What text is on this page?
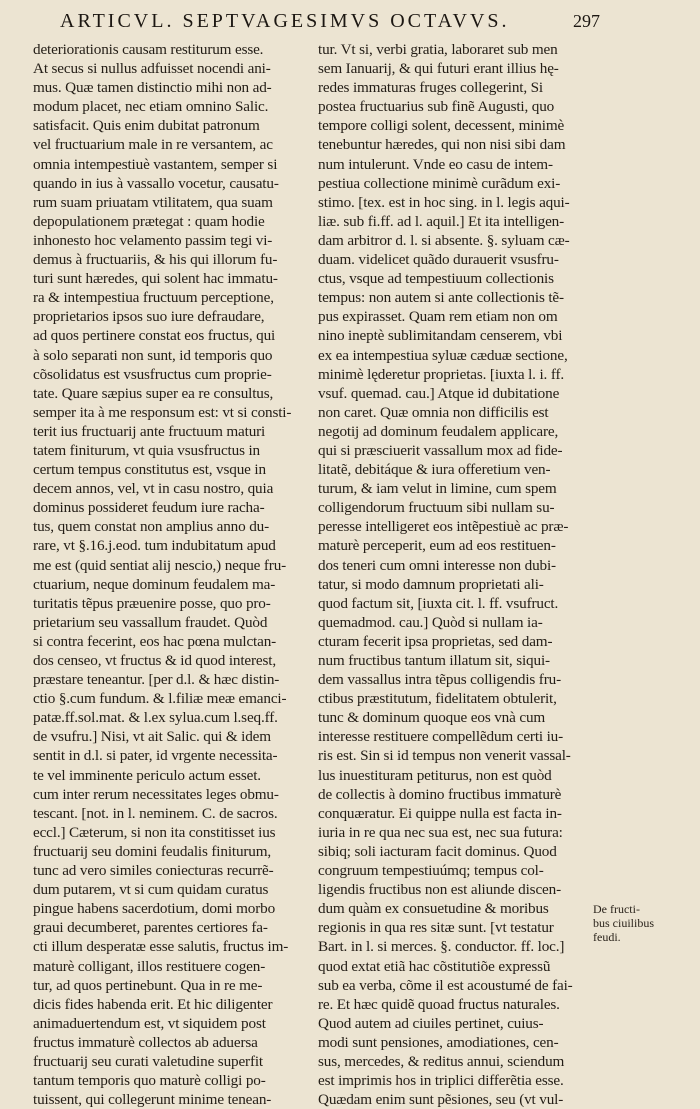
ARTICVL. SEPTVAGESIMVS OCTAVVS.	297

deteriorationis causam restiturum esse.

At secus si nullus adfuisset nocendi ani-

mus. Quæ tamen distinctio mihi non ad-

modum placet, nec etiam omnino Salic.

satisfacit. Quis enim dubitat patronum

vel fructuarium male in re versantem, ac

omnia intempestiuè vastantem, semper si

quando in ius à vassallo vocetur, causatu-

rum suam priuatam vtilitatem, qua suam

depopulationem prætegat : quam hodie

inhonesto hoc velamento passim tegi vi-

demus à fructuariis, & his qui illorum fu-

turi sunt hæredes, qui solent hac immatu-

ra & intempestiua fructuum perceptione,

proprietarios ipsos suo iure defraudare,

ad quos pertinere constat eos fructus, qui

à solo separati non sunt, id temporis quo

cõsolidatus est vsusfructus cum proprie-

tate. Quare sæpius super ea re consultus,

semper ita à me responsum est: vt si consti-

terit ius fructuarij ante fructuum maturi

tatem finiturum, vt quia vsusfructus in

certum tempus constitutus est, vsque in

decem annos, vel, vt in casu nostro, quia

dominus possideret feudum iure racha-

tus, quem constat non amplius anno du-

rare, vt §.16.j.eod. tum indubitatum apud

me est (quid sentiat alij nescio,) neque fru-

ctuarium, neque dominum feudalem ma-

turitatis tẽpus præuenire posse, quo pro-

prietarium seu vassallum fraudet. Quòd

si contra fecerint, eos hac pœna mulctan-

dos censeo, vt fructus & id quod interest,

præstare teneantur. [per d.l. & hæc distin-

ctio §.cum fundum. & l.filiæ meæ emanci-

patæ.ff.sol.mat. & l.ex sylua.cum l.seq.ff.

de vsufru.] Nisi, vt ait Salic. qui & idem

sentit in d.l. si pater, id vrgente necessita-

te vel imminente periculo actum esset.

cum inter rerum necessitates leges obmu-

tescant. [not. in l. neminem. C. de sacros.

eccl.] Cæterum, si non ita constitisset ius

fructuarij seu domini feudalis finiturum,

tunc ad vero similes coniecturas recurrẽ-

dum putarem, vt si cum quidam curatus

pingue habens sacerdotium, domi morbo

graui decumberet, parentes certiores fa-

cti illum desperatæ esse salutis, fructus im-

maturè colligant, illos restituere cogen-

tur, ad quos pertinebunt. Qua in re me-

dicis fides habenda erit. Et hic diligenter

animaduertendum est, vt siquidem post

fructus immaturè collectos ab aduersa

fructuarij seu curati valetudine superfit

tantum temporis quo maturè colligi po-

tuissent, qui collegerunt minime tenean-

tur. Vt si, verbi gratia, laboraret sub men

sem Ianuarij, & qui futuri erant illius hę-

redes immaturas fruges collegerint, Si

postea fructuarius sub finẽ Augusti, quo

tempore colligi solent, decessent, minimè

tenebuntur hæredes, qui non nisi sibi dam

num intulerunt. Vnde eo casu de intem-

pestiua collectione minimè curãdum exi-

stimo. [tex. est in hoc sing. in l. legis aqui-

liæ. sub fi.ff. ad l. aquil.] Et ita intelligen-

dam arbitror d. l. si absente. §. syluam cæ-

duam. videlicet quãdo durauerit vsusfru-

ctus, vsque ad tempestiuum collectionis

tempus: non autem si ante collectionis tẽ-

pus expirasset. Quam rem etiam non om

nino ineptè sublimitandam censerem, vbi

ex ea intempestiua syluæ cæduæ sectione,

minimè lęderetur proprietas. [iuxta l. i. ff.

vsuf. quemad. cau.] Atque id dubitatione

non caret. Quæ omnia non difficilis est

negotij ad dominum feudalem applicare,

qui si præsciuerit vassallum mox ad fide-

litatẽ, debitáque & iura offeretium ven-

turum, & iam velut in limine, cum spem

colligendorum fructuum sibi nullam su-

peresse intelligeret eos intẽpestiuè ac præ-

maturè perceperit, eum ad eos restituen-

dos teneri cum omni interesse non dubi-

tatur, si modo damnum proprietati ali-

quod factum sit, [iuxta cit. l. ff. vsufruct.

quemadmod. cau.] Quòd si nullam ia-

cturam fecerit ipsa proprietas, sed dam-

num fructibus tantum illatum sit, siqui-

dem vassallus intra tẽpus colligendis fru-

ctibus præstitutum, fidelitatem obtulerit,

tunc & dominum quoque eos vnà cum

interesse restituere compellẽdum certi iu-

ris est. Sin si id tempus non venerit vassal-

lus inuestituram petiturus, non est quòd

de collectis à domino fructibus immaturè

conquæratur. Ei quippe nulla est facta in-

iuria in re qua nec sua est, nec sua futura:

sibiq; soli iacturam facit dominus. Quod

congruum tempestiuúmq; tempus col-

ligendis fructibus non est aliunde discen-

dum quàm ex consuetudine & moribus

regionis in qua res sitæ sunt. [vt testatur

Bart. in l. si merces. §. conductor. ff. loc.]

quod extat etiã hac cõstitutiõe expressũ

sub ea verba, cõme il est acoustumé de fai-

re. Et hæc quidẽ quoad fructus naturales.

Quod autem ad ciuiles pertinet, cuius-

modi sunt pensiones, amodiationes, cen-

sus, mercedes, & reditus annui, sciendum

est imprimis hos in triplici differẽtia esse.

Quædam enim sunt pẽsiones, seu (vt vul-

De fructi-

bus ciuilibus

feudi.
